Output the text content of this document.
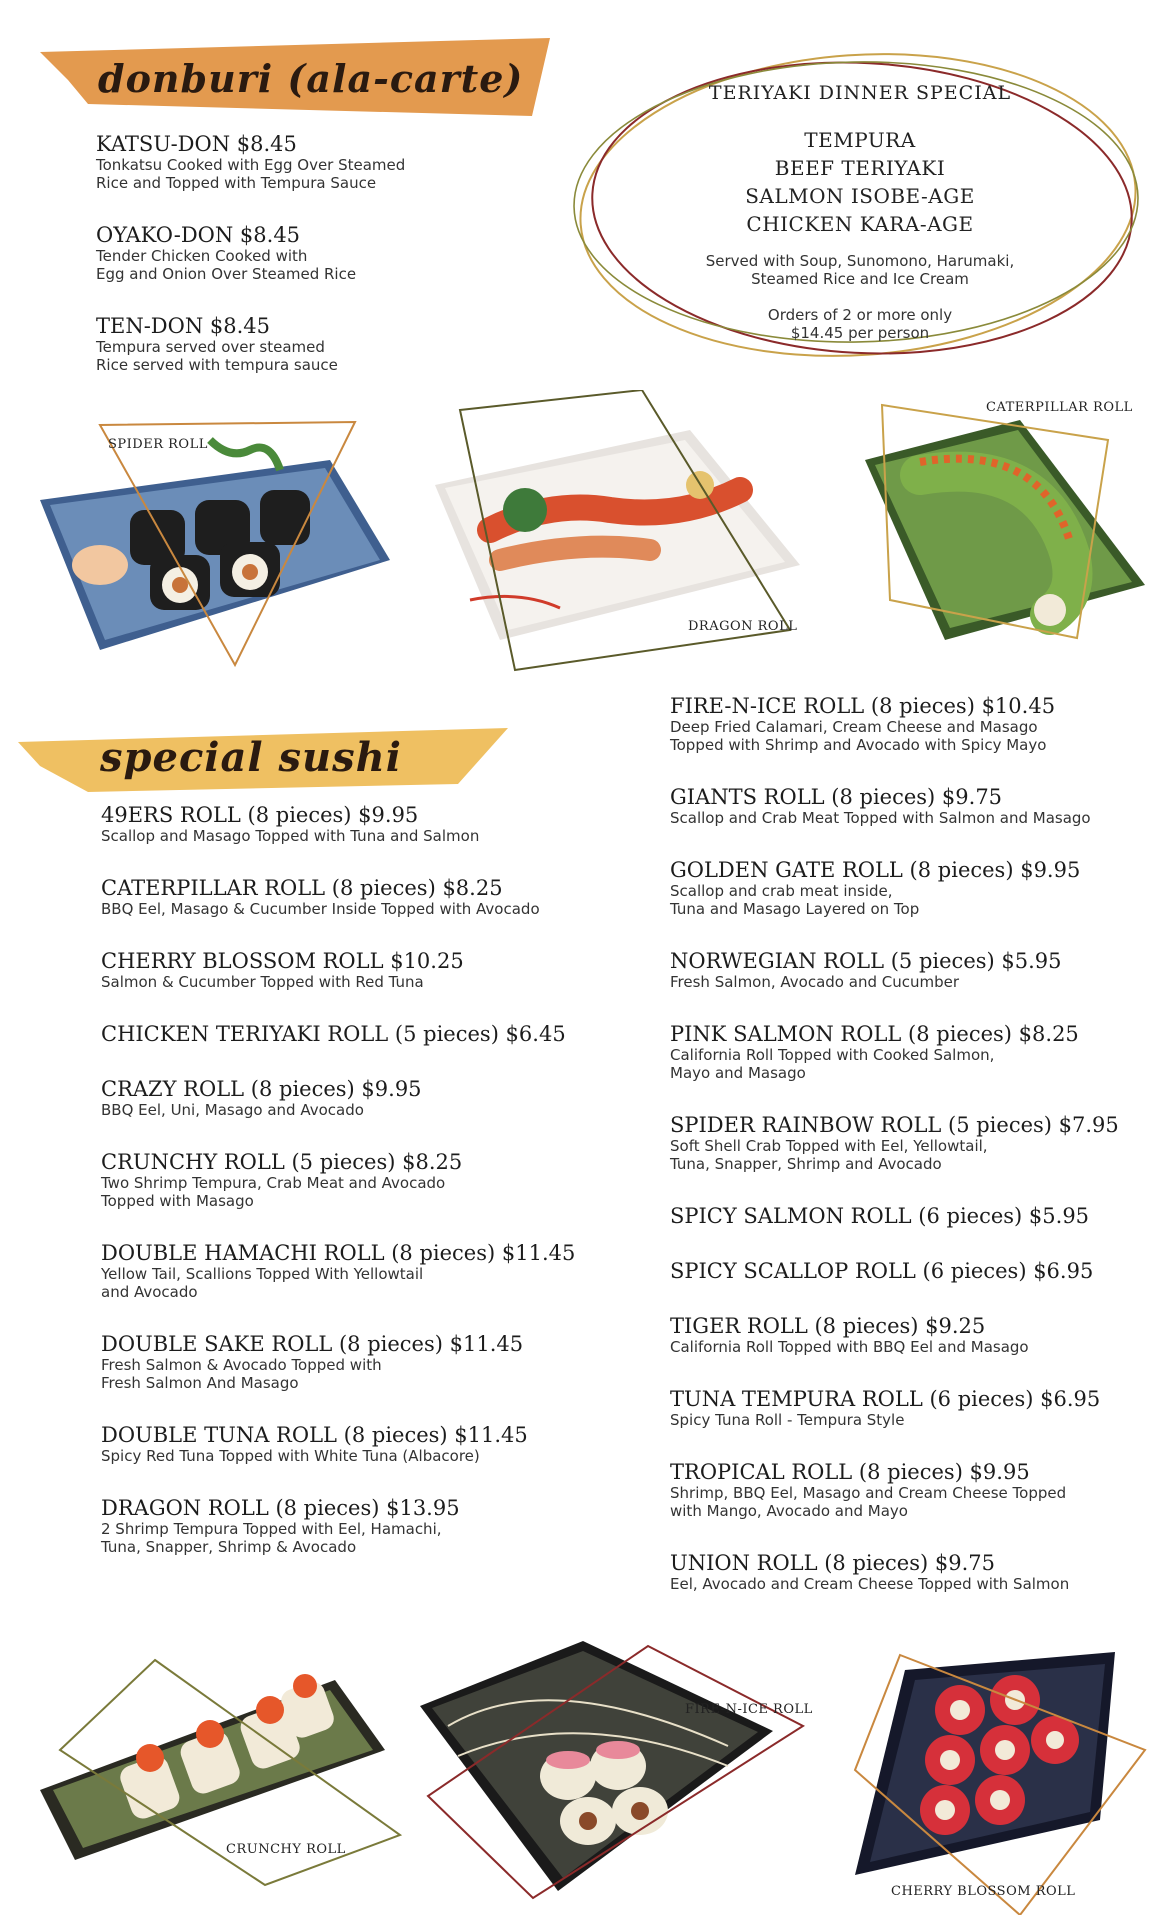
donburi (ala-carte)
KATSU-DON $8.45
Tonkatsu Cooked with Egg Over Steamed
Rice and Topped with Tempura Sauce
OYAKO-DON $8.45
Tender Chicken Cooked with
Egg and Onion Over Steamed Rice
TEN-DON $8.45
Tempura served over steamed
Rice served with tempura sauce
TERIYAKI DINNER SPECIAL
TEMPURA
BEEF TERIYAKI
SALMON ISOBE-AGE
CHICKEN KARA-AGE
Served with Soup, Sunomono, Harumaki,
Steamed Rice and Ice Cream
Orders of 2 or more only
$14.45 per person
SPIDER ROLL
DRAGON ROLL
CATERPILLAR ROLL
special sushi
49ERS ROLL (8 pieces) $9.95
Scallop and Masago Topped with Tuna and Salmon
CATERPILLAR ROLL (8 pieces) $8.25
BBQ Eel, Masago & Cucumber Inside Topped with Avocado
CHERRY BLOSSOM ROLL $10.25
Salmon & Cucumber Topped with Red Tuna
CHICKEN TERIYAKI ROLL (5 pieces) $6.45
CRAZY ROLL (8 pieces) $9.95
BBQ Eel, Uni, Masago and Avocado
CRUNCHY ROLL (5 pieces) $8.25
Two Shrimp Tempura, Crab Meat and Avocado
Topped with Masago
DOUBLE HAMACHI ROLL (8 pieces) $11.45
Yellow Tail, Scallions Topped With Yellowtail
and Avocado
DOUBLE SAKE ROLL (8 pieces) $11.45
Fresh Salmon & Avocado Topped with
Fresh Salmon And Masago
DOUBLE TUNA ROLL (8 pieces) $11.45
Spicy Red Tuna Topped with White Tuna (Albacore)
DRAGON ROLL (8 pieces) $13.95
2 Shrimp Tempura Topped with Eel, Hamachi,
Tuna, Snapper, Shrimp & Avocado
FIRE-N-ICE ROLL (8 pieces) $10.45
Deep Fried Calamari, Cream Cheese and Masago
Topped with Shrimp and Avocado with Spicy Mayo
GIANTS ROLL (8 pieces) $9.75
Scallop and Crab Meat Topped with Salmon and Masago
GOLDEN GATE ROLL (8 pieces) $9.95
Scallop and crab meat inside,
Tuna and Masago Layered on Top
NORWEGIAN ROLL (5 pieces) $5.95
Fresh Salmon, Avocado and Cucumber
PINK SALMON ROLL (8 pieces) $8.25
California Roll Topped with Cooked Salmon,
Mayo and Masago
SPIDER RAINBOW ROLL (5 pieces) $7.95
Soft Shell Crab Topped with Eel, Yellowtail,
Tuna, Snapper, Shrimp and Avocado
SPICY SALMON ROLL (6 pieces) $5.95
SPICY SCALLOP ROLL (6 pieces) $6.95
TIGER ROLL (8 pieces) $9.25
California Roll Topped with BBQ Eel and Masago
TUNA TEMPURA ROLL (6 pieces) $6.95
Spicy Tuna Roll - Tempura Style
TROPICAL ROLL (8 pieces) $9.95
Shrimp, BBQ Eel, Masago and Cream Cheese Topped
with Mango, Avocado and Mayo
UNION ROLL (8 pieces) $9.75
Eel, Avocado and Cream Cheese Topped with Salmon
CRUNCHY ROLL
FIRE-N-ICE ROLL
CHERRY BLOSSOM ROLL
